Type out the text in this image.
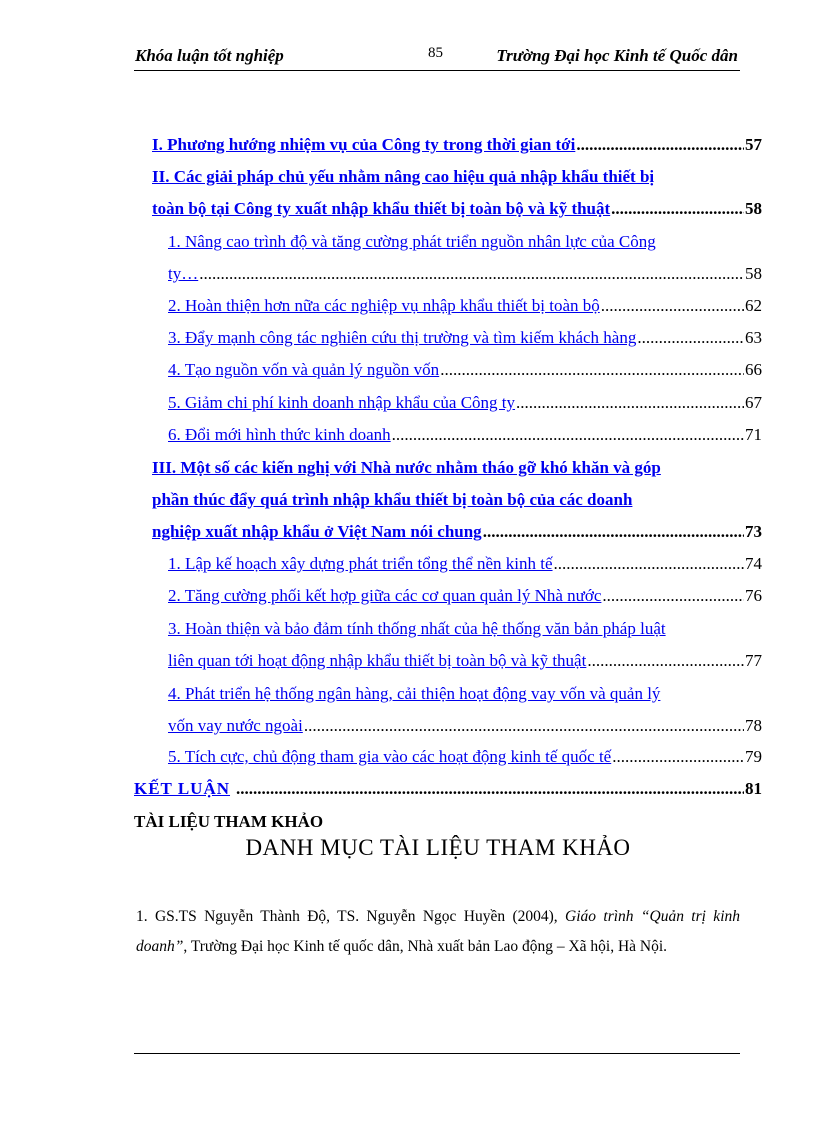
Khóa luận tốt nghiệp	85	Trường Đại học Kinh tế Quốc dân
I. Phương hướng nhiệm vụ của Công ty trong thời gian tới .....	57
II. Các giải pháp chủ yếu nhằm nâng cao hiệu quả nhập khẩu thiết bị
toàn bộ tại Công ty xuất nhập khẩu thiết bị toàn bộ và kỹ thuật .....	58
1. Nâng cao trình độ và tăng cường phát triển nguồn nhân lực của Công
ty… .....	58
2. Hoàn thiện hơn nữa các nghiệp vụ nhập khẩu thiết bị toàn bộ .....	62
3. Đẩy mạnh công tác nghiên cứu thị trường và tìm kiếm khách hàng .....	63
4. Tạo nguồn vốn và quản lý nguồn vốn .....	66
5. Giảm chi phí kinh doanh nhập khẩu của Công ty .....	67
6. Đổi mới hình thức kinh doanh .....	71
III. Một số các kiến nghị với Nhà nước nhằm tháo gỡ khó khăn và góp
phần thúc đẩy quá trình nhập khẩu thiết bị toàn bộ của các doanh
nghiệp xuất nhập khẩu ở Việt Nam nói chung .....	73
1. Lập kế hoạch xây dựng phát triển tổng thể nền kinh tế .....	74
2. Tăng cường phối kết hợp giữa các cơ quan quản lý Nhà nước .....	76
3. Hoàn thiện và bảo đảm tính thống nhất của hệ thống văn bản pháp luật
liên quan tới hoạt động nhập khẩu thiết bị toàn bộ và kỹ thuật .....	77
4. Phát triển hệ thống ngân hàng, cải thiện hoạt động vay vốn và quản lý
vốn vay nước ngoài .....	78
5. Tích cực, chủ động tham gia vào các hoạt động kinh tế quốc tế .....	79
KẾT LUẬN .....	81
TÀI LIỆU THAM KHẢO
DANH MỤC TÀI LIỆU THAM KHẢO
1. GS.TS Nguyễn Thành Độ, TS. Nguyễn Ngọc Huyền (2004), Giáo trình “Quản trị kinh doanh”, Trường Đại học Kinh tế quốc dân, Nhà xuất bản Lao động – Xã hội, Hà Nội.
